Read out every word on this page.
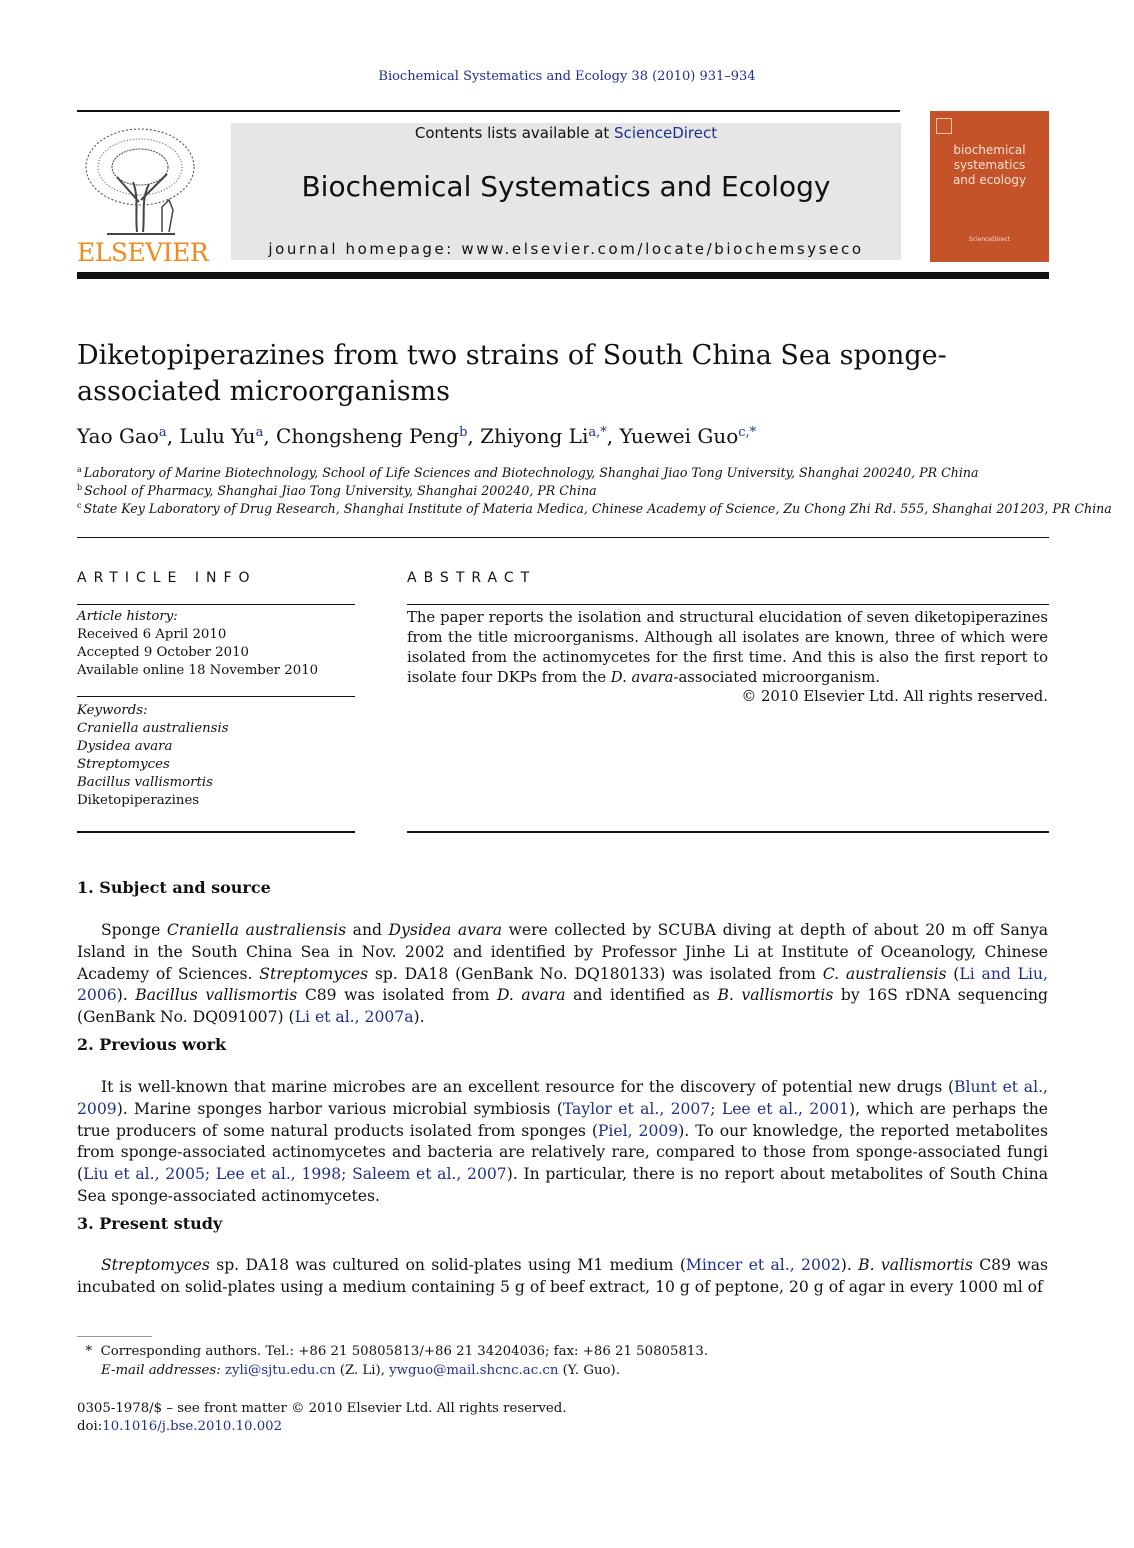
Biochemical Systematics and Ecology 38 (2010) 931–934
ELSEVIER
Contents lists available at ScienceDirect
Biochemical Systematics and Ecology
journal homepage: www.elsevier.com/locate/biochemsyseco
biochemical
systematics
and ecology
ScienceDirect
Diketopiperazines from two strains of South China Sea sponge-associated microorganisms
Yao Gao$^a$, Lulu Yu$^a$, Chongsheng Peng$^b$, Zhiyong $Li^{a,*}$, Yuewei Guo$^{c,*}$
$^a$ Laboratory of Marine Biotechnology, School of Life Sciences and Biotechnology, Shanghai Jiao Tong University, Shanghai 200240, PR China
$^b$ School of Pharmacy, Shanghai Jiao Tong University, Shanghai 200240, PR China
$^c$ State Key Laboratory of Drug Research, Shanghai Institute of Materia Medica, Chinese Academy of Science, Zu Chong Zhi Rd. 555, Shanghai 201203, PR China
ARTICLE INFO
Article history:
Received 6 April 2010
Accepted 9 October 2010
Available online 18 November 2010
Keywords:
Craniella australiensis
Dysidea avara
Streptomyces
Bacillus vallismortis
Diketopiperazines
ABSTRACT
The paper reports the isolation and structural elucidation of seven diketopiperazines from the title microorganisms. Although all isolates are known, three of which were isolated from the actinomycetes for the first time. And this is also the first report to isolate four DKPs from the D. avara-associated microorganism.
© 2010 Elsevier Ltd. All rights reserved.
1. Subject and source
Sponge Craniella australiensis and Dysidea avara were collected by SCUBA diving at depth of about 20 m off Sanya Island in the South China Sea in Nov. 2002 and identified by Professor Jinhe Li at Institute of Oceanology, Chinese Academy of Sciences. Streptomyces sp. DA18 (GenBank No. DQ180133) was isolated from C. australiensis (Li and Liu, 2006). Bacillus vallismortis C89 was isolated from D. avara and identified as B. vallismortis by 16S rDNA sequencing (GenBank No. DQ091007) (Li et al., 2007a).
2. Previous work
It is well-known that marine microbes are an excellent resource for the discovery of potential new drugs (Blunt et al., 2009). Marine sponges harbor various microbial symbiosis (Taylor et al., 2007; Lee et al., 2001), which are perhaps the true producers of some natural products isolated from sponges (Piel, 2009). To our knowledge, the reported metabolites from sponge-associated actinomycetes and bacteria are relatively rare, compared to those from sponge-associated fungi (Liu et al., 2005; Lee et al., 1998; Saleem et al., 2007). In particular, there is no report about metabolites of South China Sea sponge-associated actinomycetes.
3. Present study
Streptomyces sp. DA18 was cultured on solid-plates using M1 medium (Mincer et al., 2002). B. vallismortis C89 was incubated on solid-plates using a medium containing 5 g of beef extract, 10 g of peptone, 20 g of agar in every 1000 ml of
* Corresponding authors. Tel.: +86 21 50805813/+86 21 34204036; fax: +86 21 50805813.
E-mail addresses: zyli@sjtu.edu.cn (Z. Li), ywguo@mail.shcnc.ac.cn (Y. Guo).
0305-1978/$ – see front matter © 2010 Elsevier Ltd. All rights reserved.
doi:10.1016/j.bse.2010.10.002
